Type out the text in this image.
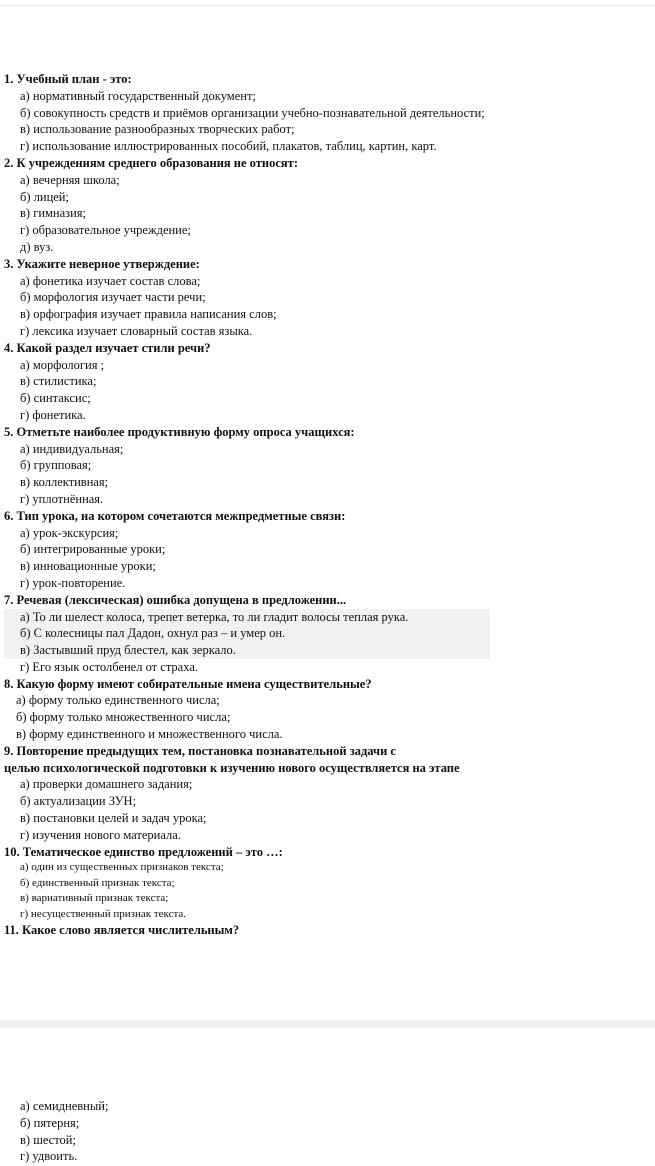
1. Учебный план - это:
а) нормативный государственный документ;
б) совокупность средств и приёмов организации учебно-познавательной деятельности;
в) использование разнообразных творческих работ;
г) использование иллюстрированных пособий, плакатов, таблиц, картин, карт.
2. К учреждениям среднего образования не относят:
а) вечерняя школа;
б) лицей;
в) гимназия;
г) образовательное учреждение;
д) вуз.
3. Укажите неверное утверждение:
а) фонетика изучает состав слова;
б) морфология изучает части речи;
в) орфография изучает правила написания слов;
г) лексика изучает словарный состав языка.
4. Какой раздел изучает стили речи?
а) морфология ;
в) стилистика;
б) синтаксис;
г) фонетика.
5. Отметьте наиболее продуктивную форму опроса учащихся:
а) индивидуальная;
б) групповая;
в) коллективная;
г) уплотнённая.
6. Тип урока, на котором сочетаются межпредметные связи:
а) урок-экскурсия;
б) интегрированные уроки;
в) инновационные уроки;
г) урок-повторение.
7. Речевая (лексическая) ошибка допущена в предложении...
а) То ли шелест колоса, трепет ветерка, то ли гладит волосы теплая рука.
б) С колесницы пал Дадон, охнул раз – и умер он.
в) Застывший пруд блестел, как зеркало.
г) Его язык остолбенел от страха.
8. Какую форму имеют собирательные имена существительные?
а) форму только единственного числа;
б) форму только множественного числа;
в) форму единственного и множественного числа.
9. Повторение предыдущих тем, постановка познавательной задачи с
целью психологической подготовки к изучению нового осуществляется на этапе
а) проверки домашнего задания;
б) актуализации ЗУН;
в) постановки целей и задач урока;
г) изучения нового материала.
10. Тематическое единство предложений – это …:
а) один из существенных признаков текста;
б) единственный признак текста;
в) вариативный признак текста;
г) несущественный признак текста.
11. Какое слово является числительным?
а) семидневный;
б) пятерня;
в) шестой;
г) удвоить.
